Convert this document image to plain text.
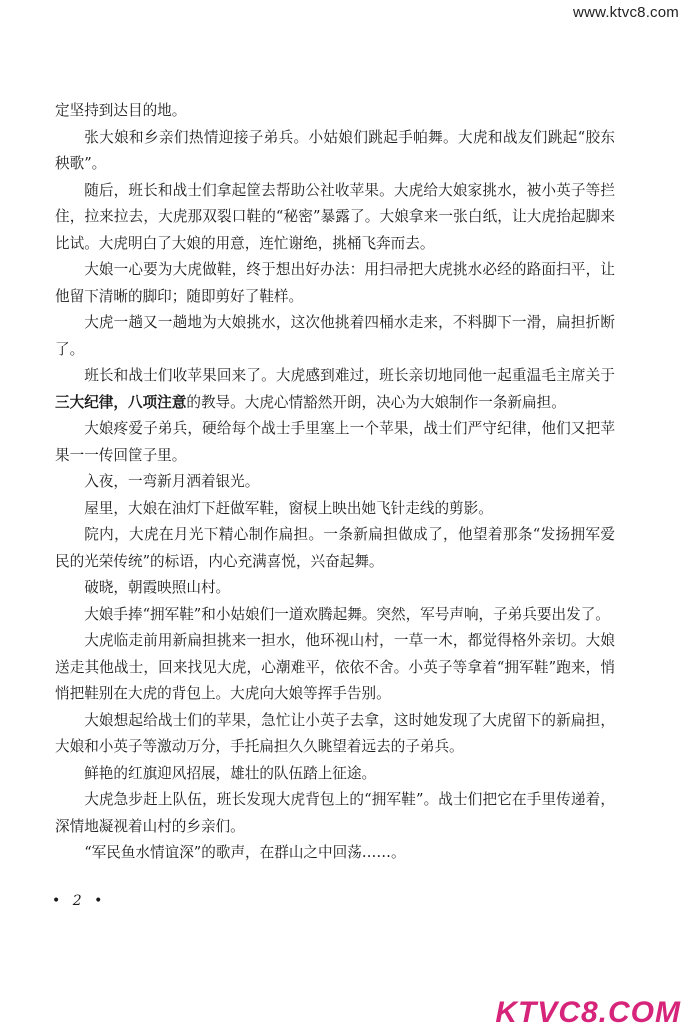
www.ktvc8.com

定坚持到达目的地。

张大娘和乡亲们热情迎接子弟兵。小姑娘们跳起手帕舞。大虎和战友们跳起“胶东秧歌”。

随后，班长和战士们拿起筐去帮助公社收苹果。大虎给大娘家挑水，被小英子等拦住，拉来拉去，大虎那双裂口鞋的“秘密”暴露了。大娘拿来一张白纸，让大虎抬起脚来比试。大虎明白了大娘的用意，连忙谢绝，挑桶飞奔而去。

大娘一心要为大虎做鞋，终于想出好办法：用扫帚把大虎挑水必经的路面扫平，让他留下清晰的脚印；随即剪好了鞋样。

大虎一趟又一趟地为大娘挑水，这次他挑着四桶水走来，不料脚下一滑，扁担折断了。

班长和战士们收苹果回来了。大虎感到难过，班长亲切地同他一起重温毛主席关于三大纪律，八项注意的教导。大虎心情豁然开朗，决心为大娘制作一条新扁担。

大娘疼爱子弟兵，硬给每个战士手里塞上一个苹果，战士们严守纪律，他们又把苹果一一传回筐子里。

入夜，一弯新月洒着银光。

屋里，大娘在油灯下赶做军鞋，窗棂上映出她飞针走线的剪影。

院内，大虎在月光下精心制作扁担。一条新扁担做成了，他望着那条“发扬拥军爱民的光荣传统”的标语，内心充满喜悦，兴奋起舞。

破晓，朝霞映照山村。

大娘手捧“拥军鞋”和小姑娘们一道欢腾起舞。突然，军号声响，子弟兵要出发了。

大虎临走前用新扁担挑来一担水，他环视山村，一草一木，都觉得格外亲切。大娘送走其他战士，回来找见大虎，心潮难平，依依不舍。小英子等拿着“拥军鞋”跑来，悄悄把鞋别在大虎的背包上。大虎向大娘等挥手告别。

大娘想起给战士们的苹果，急忙让小英子去拿，这时她发现了大虎留下的新扁担，大娘和小英子等激动万分，手托扁担久久眺望着远去的子弟兵。

鲜艳的红旗迎风招展，雄壮的队伍踏上征途。

大虎急步赶上队伍，班长发现大虎背包上的“拥军鞋”。战士们把它在手里传递着，深情地凝视着山村的乡亲们。

“军民鱼水情谊深”的歌声，在群山之中回荡……。

• 2 •
KTVC8.COM
